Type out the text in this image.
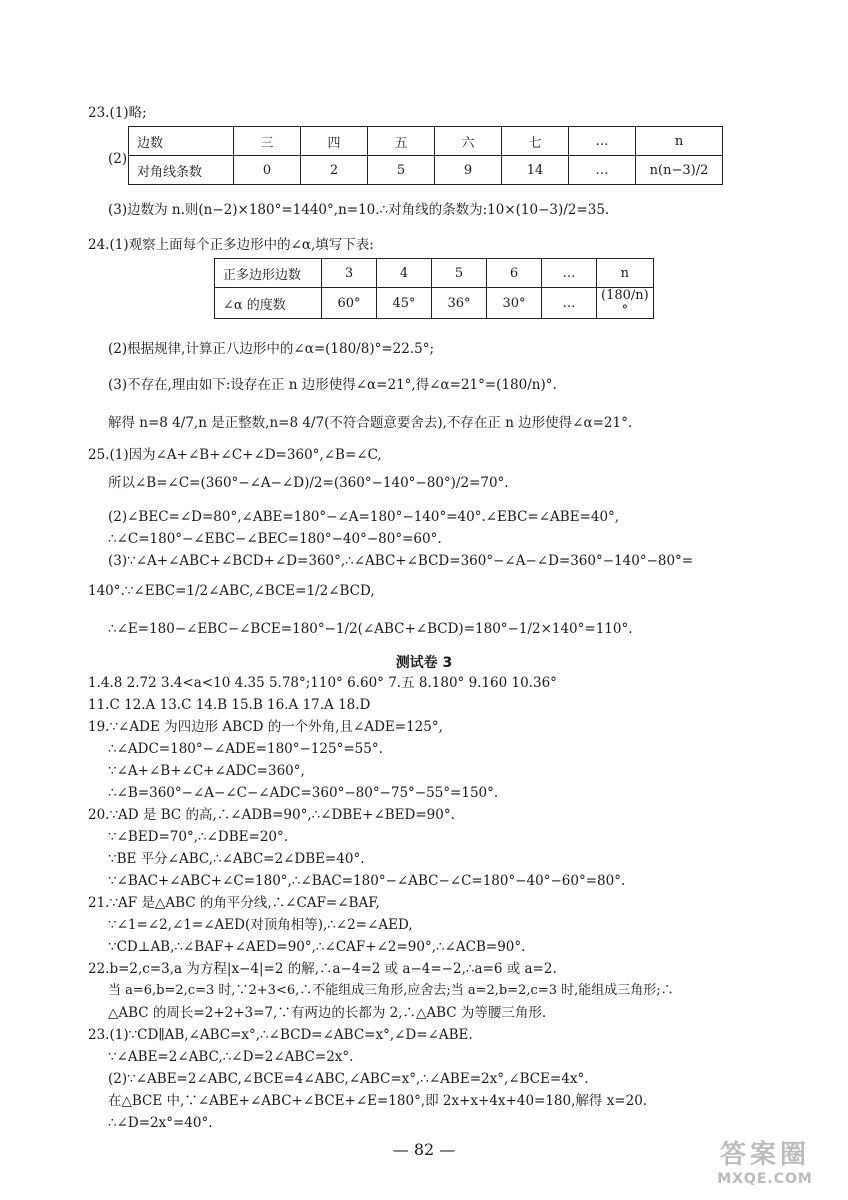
23.(1)略;
(2)
边数	三	四	五	六	七	…	n
对角线条数	0	2	5	9	14	…	n(n−3)/2
(3)边数为 n.则(n−2)×180°=1440°,n=10.∴对角线的条数为:10×(10−3)/2=35.
24.(1)观察上面每个正多边形中的∠α,填写下表:
正多边形边数	3	4	5	6	…	n
∠α 的度数	60°	45°	36°	30°	…	(180/n)°
(2)根据规律,计算正八边形中的∠α=(180/8)°=22.5°;
(3)不存在,理由如下:设存在正 n 边形使得∠α=21°,得∠α=21°=(180/n)°.
解得 n=8 4/7,n 是正整数,n=8 4/7(不符合题意要舍去),不存在正 n 边形使得∠α=21°.
25.(1)因为∠A+∠B+∠C+∠D=360°,∠B=∠C,
所以∠B=∠C=(360°−∠A−∠D)/2=(360°−140°−80°)/2=70°.
(2)∠BEC=∠D=80°,∠ABE=180°−∠A=180°−140°=40°.∠EBC=∠ABE=40°,
∴∠C=180°−∠EBC−∠BEC=180°−40°−80°=60°.
(3)∵∠A+∠ABC+∠BCD+∠D=360°,∴∠ABC+∠BCD=360°−∠A−∠D=360°−140°−80°=
140°.∵∠EBC=1/2∠ABC,∠BCE=1/2∠BCD,
∴∠E=180−∠EBC−∠BCE=180°−1/2(∠ABC+∠BCD)=180°−1/2×140°=110°.
测试卷 3
1.4.8 2.72 3.4<a<10 4.35 5.78°;110° 6.60° 7.五 8.180° 9.160 10.36°
11.C 12.A 13.C 14.B 15.B 16.A 17.A 18.D
19.∵∠ADE 为四边形 ABCD 的一个外角,且∠ADE=125°,
∴∠ADC=180°−∠ADE=180°−125°=55°.
∵∠A+∠B+∠C+∠ADC=360°,
∴∠B=360°−∠A−∠C−∠ADC=360°−80°−75°−55°=150°.
20.∵AD 是 BC 的高,∴∠ADB=90°,∴∠DBE+∠BED=90°.
∵∠BED=70°,∴∠DBE=20°.
∵BE 平分∠ABC,∴∠ABC=2∠DBE=40°.
∵∠BAC+∠ABC+∠C=180°,∴∠BAC=180°−∠ABC−∠C=180°−40°−60°=80°.
21.∵AF 是△ABC 的角平分线,∴∠CAF=∠BAF,
∵∠1=∠2,∠1=∠AED(对顶角相等),∴∠2=∠AED,
∵CD⊥AB,∴∠BAF+∠AED=90°,∴∠CAF+∠2=90°,∴∠ACB=90°.
22.b=2,c=3,a 为方程|x−4|=2 的解,∴a−4=2 或 a−4=−2,∴a=6 或 a=2.
当 a=6,b=2,c=3 时,∵2+3<6,∴不能组成三角形,应舍去;当 a=2,b=2,c=3 时,能组成三角形;∴
△ABC 的周长=2+2+3=7,∵有两边的长都为 2,∴△ABC 为等腰三角形.
23.(1)∵CD∥AB,∠ABC=x°,∴∠BCD=∠ABC=x°,∠D=∠ABE.
∵∠ABE=2∠ABC,∴∠D=2∠ABC=2x°.
(2)∵∠ABE=2∠ABC,∠BCE=4∠ABC,∠ABC=x°,∴∠ABE=2x°,∠BCE=4x°.
在△BCE 中,∵∠ABE+∠ABC+∠BCE+∠E=180°,即 2x+x+4x+40=180,解得 x=20.
∴∠D=2x°=40°.
— 82 —	答案圈
MXQE.COM
